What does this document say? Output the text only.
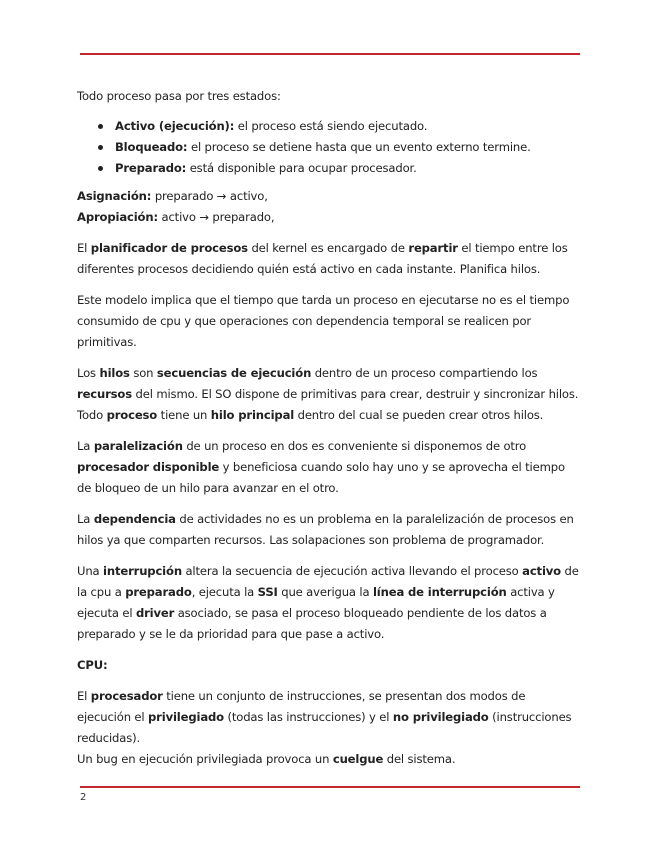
Todo proceso pasa por tres estados:

Activo (ejecución): el proceso está siendo ejecutado.
Bloqueado: el proceso se detiene hasta que un evento externo termine.
Preparado: está disponible para ocupar procesador.

Asignación: preparado → activo,

Apropiación: activo → preparado,

El planificador de procesos del kernel es encargado de repartir el tiempo entre los diferentes procesos decidiendo quién está activo en cada instante. Planifica hilos.

Este modelo implica que el tiempo que tarda un proceso en ejecutarse no es el tiempo consumido de cpu y que operaciones con dependencia temporal se realicen por primitivas.

Los hilos son secuencias de ejecución dentro de un proceso compartiendo los recursos del mismo. El SO dispone de primitivas para crear, destruir y sincronizar hilos. Todo proceso tiene un hilo principal dentro del cual se pueden crear otros hilos.

La paralelización de un proceso en dos es conveniente si disponemos de otro procesador disponible y beneficiosa cuando solo hay uno y se aprovecha el tiempo de bloqueo de un hilo para avanzar en el otro.

La dependencia de actividades no es un problema en la paralelización de procesos en hilos ya que comparten recursos. Las solapaciones son problema de programador.

Una interrupción altera la secuencia de ejecución activa llevando el proceso activo de la cpu a preparado, ejecuta la SSI que averigua la línea de interrupción activa y ejecuta el driver asociado, se pasa el proceso bloqueado pendiente de los datos a preparado y se le da prioridad para que pase a activo.

CPU:

El procesador tiene un conjunto de instrucciones, se presentan dos modos de ejecución el privilegiado (todas las instrucciones) y el no privilegiado (instrucciones reducidas).

Un bug en ejecución privilegiada provoca un cuelgue del sistema.

2
